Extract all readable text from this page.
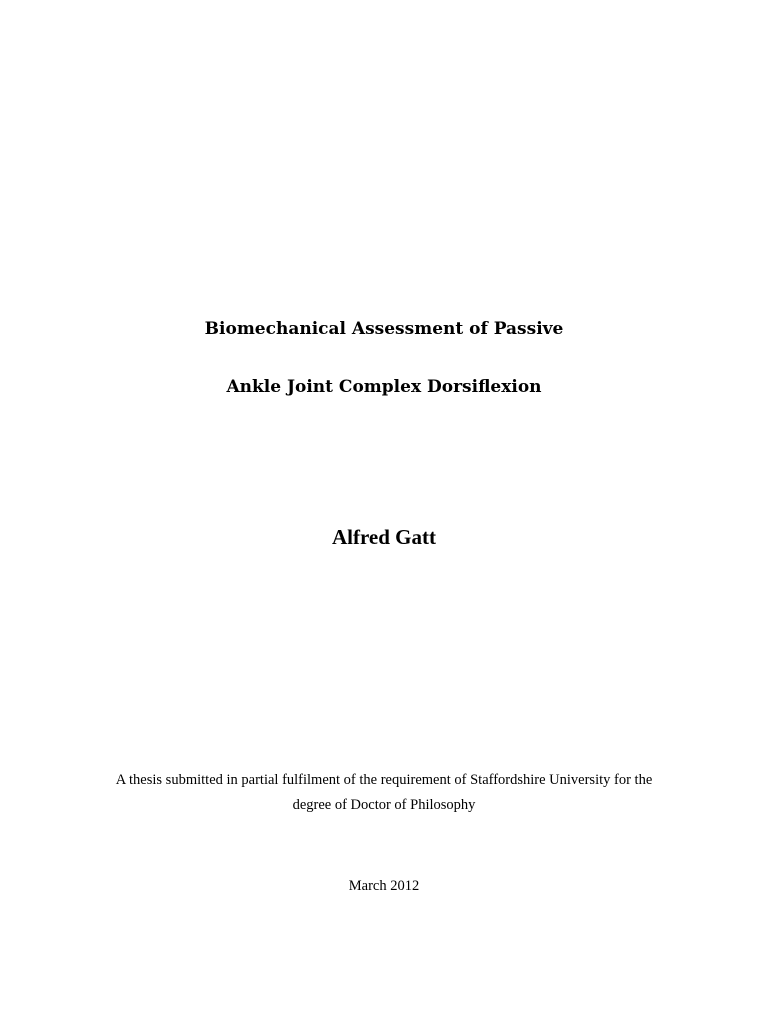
Biomechanical Assessment of Passive
Ankle Joint Complex Dorsiflexion
Alfred Gatt
A thesis submitted in partial fulfilment of the requirement of Staffordshire University for the
degree of Doctor of Philosophy
March 2012
